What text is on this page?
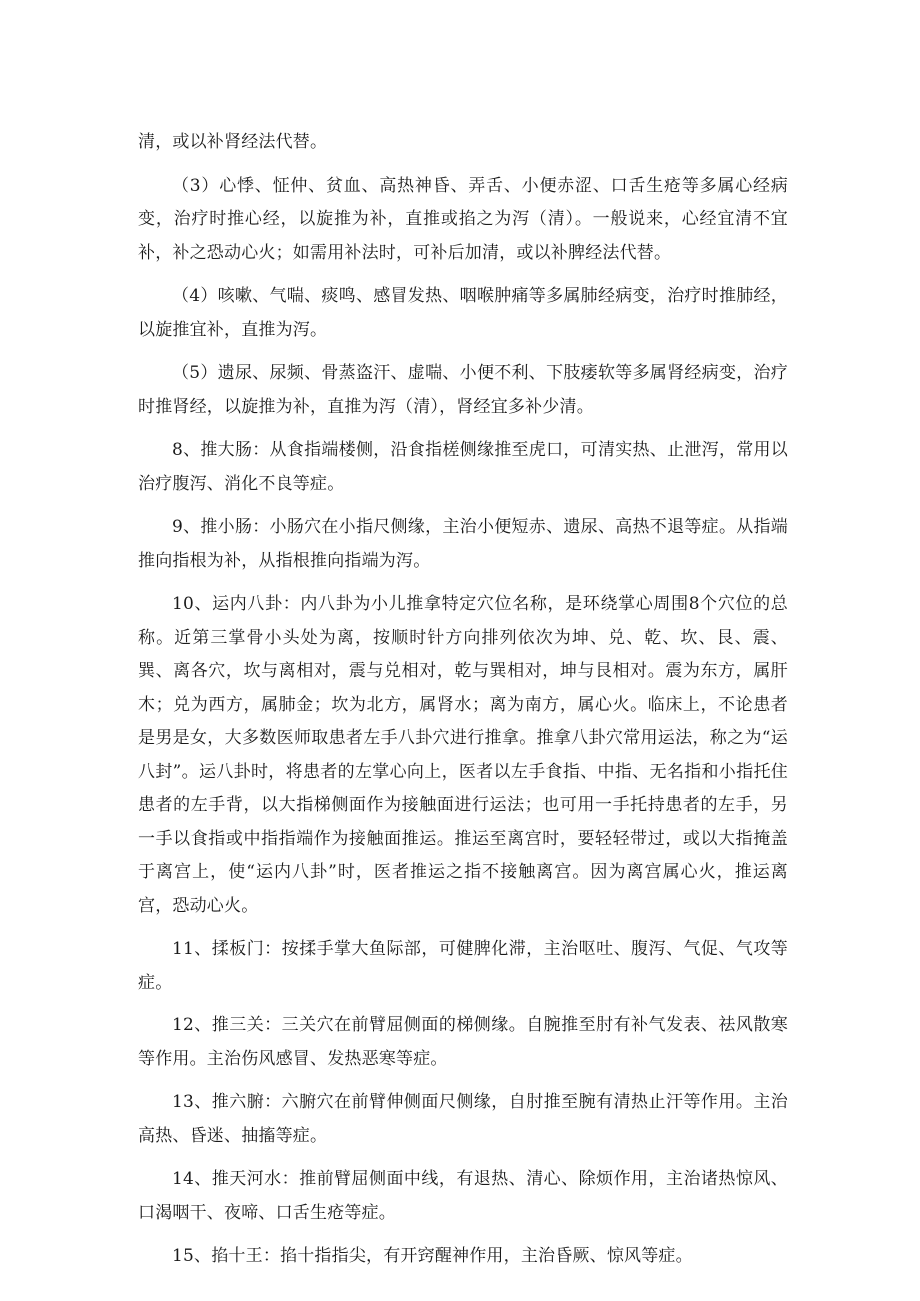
清，或以补肾经法代替。

（3）心悸、怔仲、贫血、高热神昏、弄舌、小便赤涩、口舌生疮等多属心经病变，治疗时推心经，以旋推为补，直推或掐之为泻（清）。一般说来，心经宜清不宜补，补之恐动心火；如需用补法时，可补后加清，或以补脾经法代替。

（4）咳嗽、气喘、痰鸣、感冒发热、咽喉肿痛等多属肺经病变，治疗时推肺经，以旋推宜补，直推为泻。

（5）遗尿、尿频、骨蒸盗汗、虚喘、小便不利、下肢痿软等多属肾经病变，治疗时推肾经，以旋推为补，直推为泻（清），肾经宜多补少清。

8、推大肠：从食指端楼侧，沿食指槎侧缘推至虎口，可清实热、止泄泻，常用以治疗腹泻、消化不良等症。

9、推小肠：小肠穴在小指尺侧缘，主治小便短赤、遗尿、高热不退等症。从指端推向指根为补，从指根推向指端为泻。

10、运内八卦：内八卦为小儿推拿特定穴位名称，是环绕掌心周围8个穴位的总称。近第三掌骨小头处为离，按顺时针方向排列依次为坤、兑、乾、坎、艮、震、巽、离各穴，坎与离相对，震与兑相对，乾与巽相对，坤与艮相对。震为东方，属肝木；兑为西方，属肺金；坎为北方，属肾水；离为南方，属心火。临床上，不论患者是男是女，大多数医师取患者左手八卦穴进行推拿。推拿八卦穴常用运法，称之为“运八封”。运八卦时，将患者的左掌心向上，医者以左手食指、中指、无名指和小指托住患者的左手背，以大指梯侧面作为接触面进行运法；也可用一手托持患者的左手，另一手以食指或中指指端作为接触面推运。推运至离宫时，要轻轻带过，或以大指掩盖于离宫上，使“运内八卦”时，医者推运之指不接触离宫。因为离宫属心火，推运离宫，恐动心火。

11、揉板门：按揉手掌大鱼际部，可健脾化滞，主治呕吐、腹泻、气促、气攻等症。

12、推三关：三关穴在前臂屈侧面的梯侧缘。自腕推至肘有补气发表、祛风散寒等作用。主治伤风感冒、发热恶寒等症。

13、推六腑：六腑穴在前臂伸侧面尺侧缘，自肘推至腕有清热止汗等作用。主治高热、昏迷、抽搐等症。

14、推天河水：推前臂屈侧面中线，有退热、清心、除烦作用，主治诸热惊风、口渴咽干、夜啼、口舌生疮等症。

15、掐十王：掐十指指尖，有开窍醒神作用，主治昏厥、惊风等症。
